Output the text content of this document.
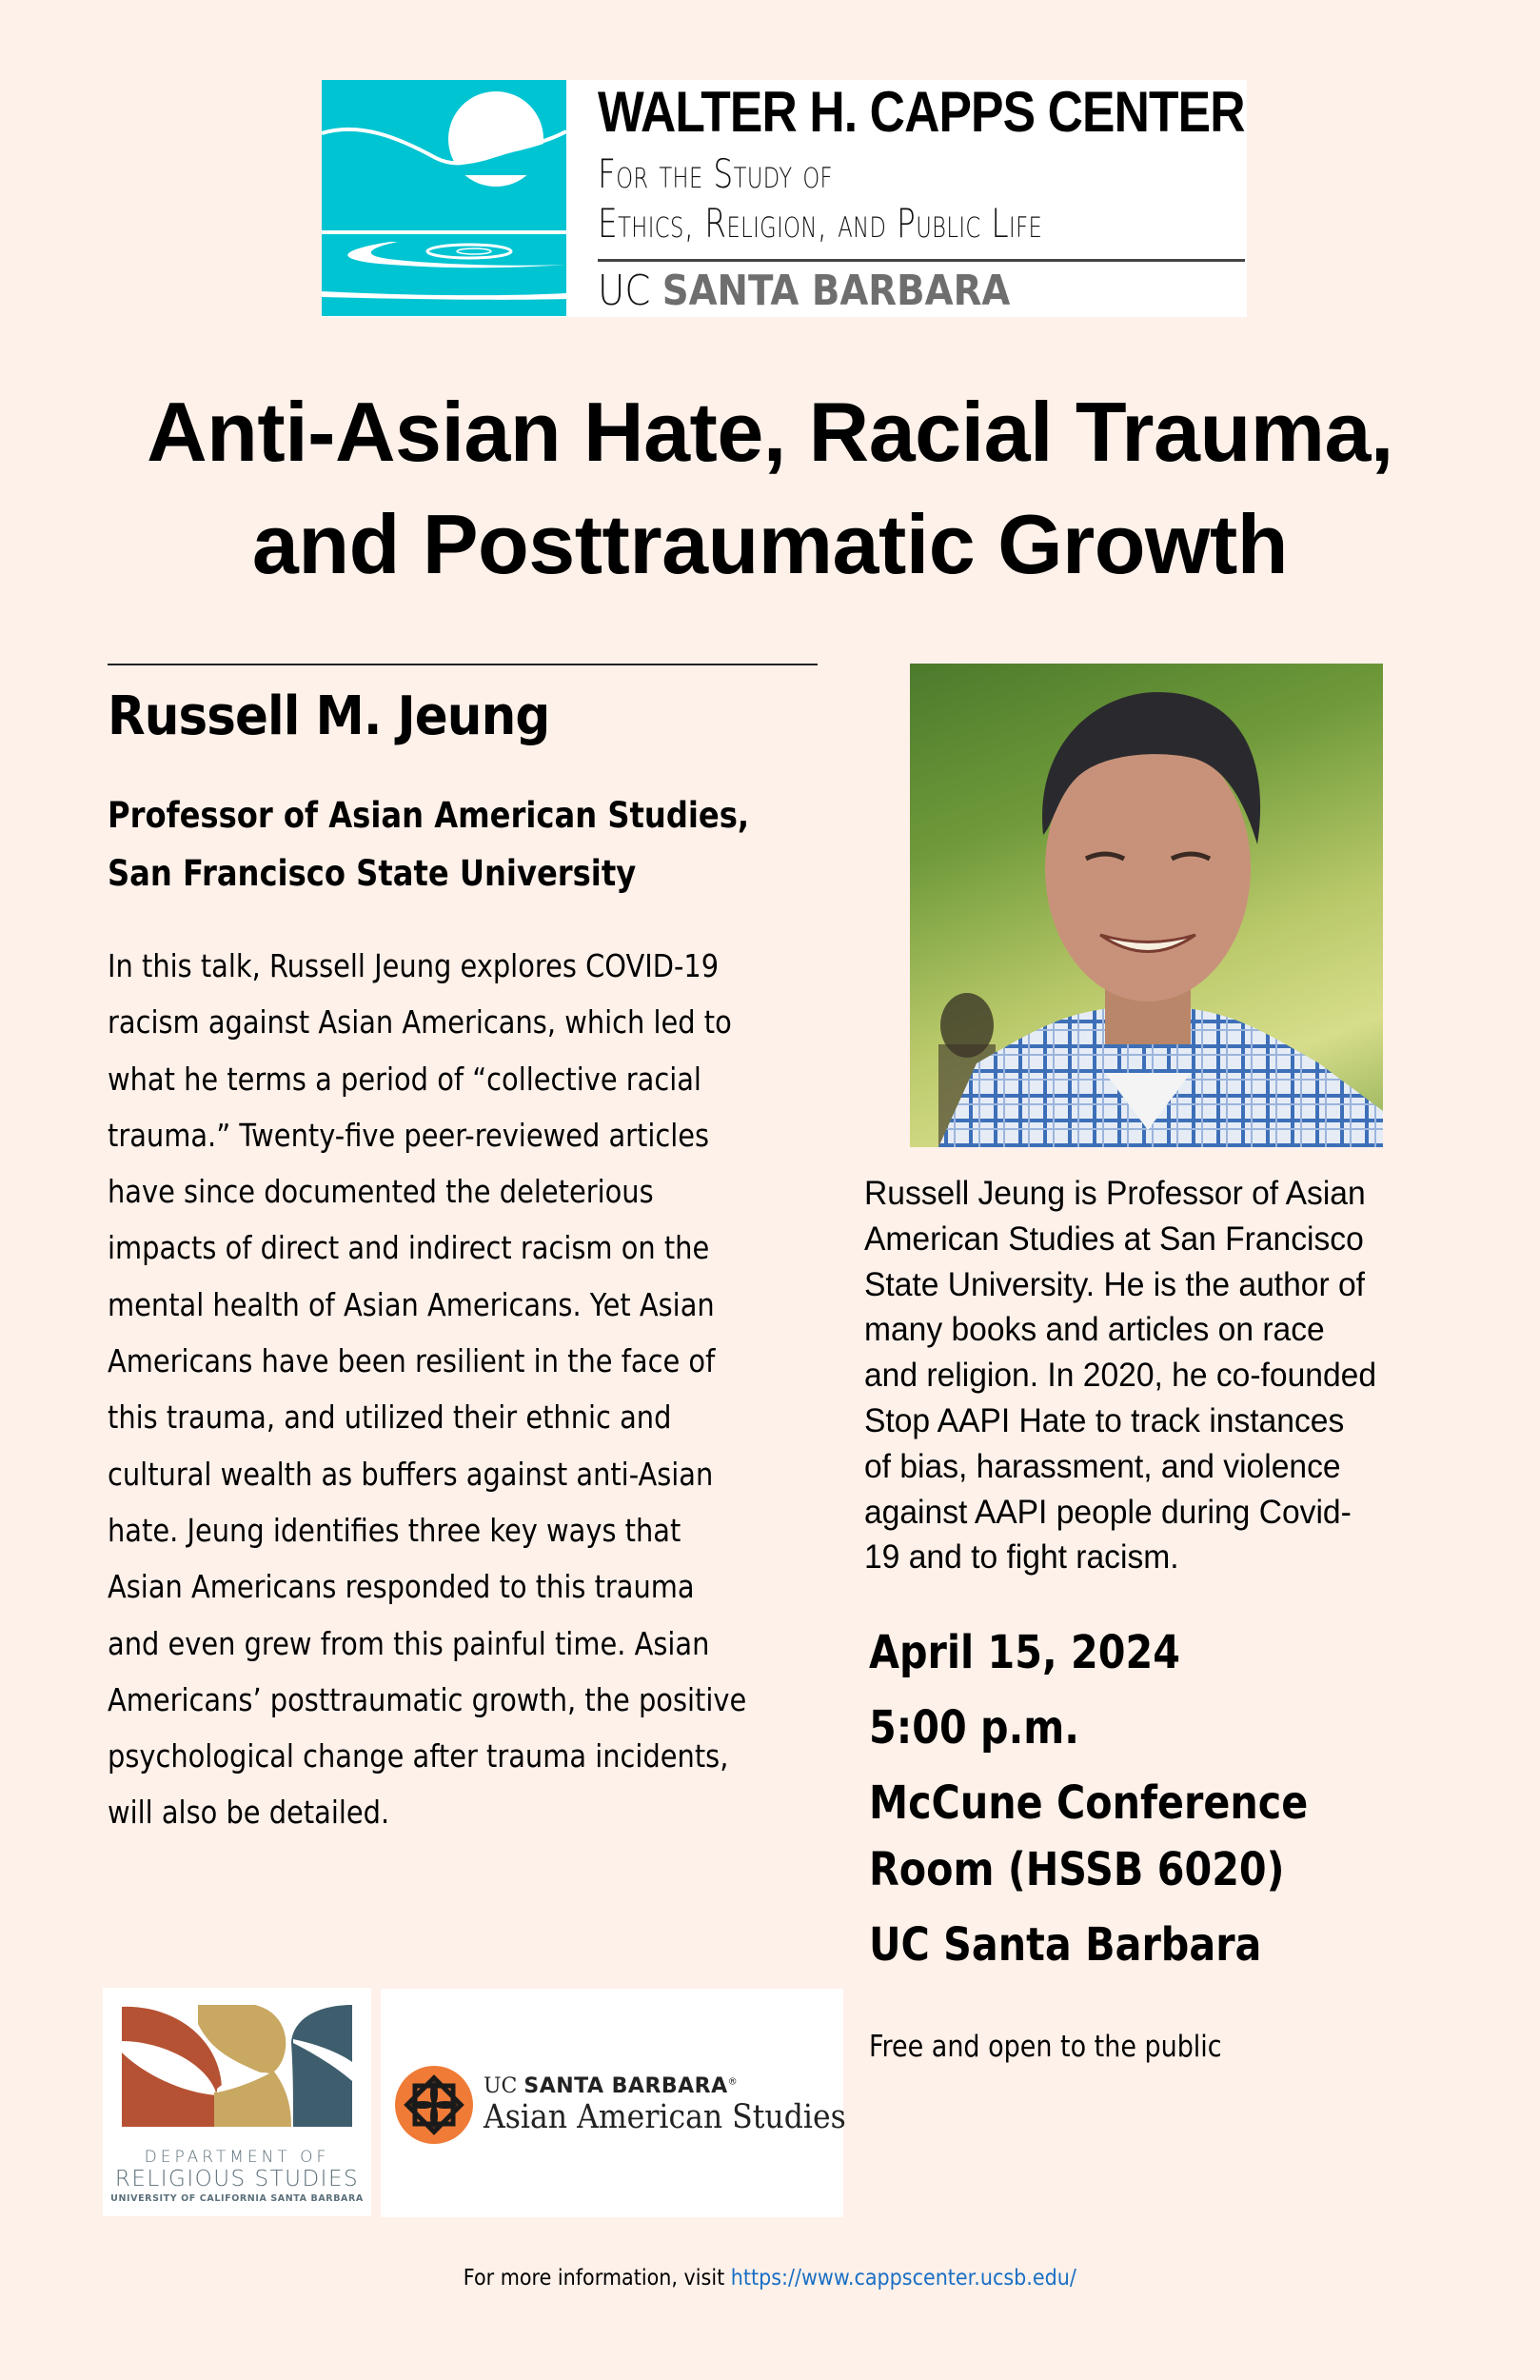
WALTER H. CAPPS CENTER
For the Study of
Ethics, Religion, and Public Life
UC SANTA BARBARA
Anti-Asian Hate, Racial Trauma,
and Posttraumatic Growth
Russell M. Jeung
Professor of Asian American Studies,
San Francisco State University
In this talk, Russell Jeung explores COVID-19
racism against Asian Americans, which led to
what he terms a period of “collective racial
trauma.” Twenty-five peer-reviewed articles
have since documented the deleterious
impacts of direct and indirect racism on the
mental health of Asian Americans. Yet Asian
Americans have been resilient in the face of
this trauma, and utilized their ethnic and
cultural wealth as buffers against anti-Asian
hate. Jeung identifies three key ways that
Asian Americans responded to this trauma
and even grew from this painful time. Asian
Americans’ posttraumatic growth, the positive
psychological change after trauma incidents,
will also be detailed.
Russell Jeung is Professor of Asian
American Studies at San Francisco
State University. He is the author of
many books and articles on race
and religion. In 2020, he co-founded
Stop AAPI Hate to track instances
of bias, harassment, and violence
against AAPI people during Covid-
19 and to fight racism.
April 15, 2024
5:00 p.m.
McCune Conference
Room (HSSB 6020)
UC Santa Barbara
Free and open to the public
DEPARTMENT OF
RELIGIOUS STUDIES
UNIVERSITY OF CALIFORNIA SANTA BARBARA
UC SANTA BARBARA®
Asian American Studies
For more information, visit https://www.cappscenter.ucsb.edu/
